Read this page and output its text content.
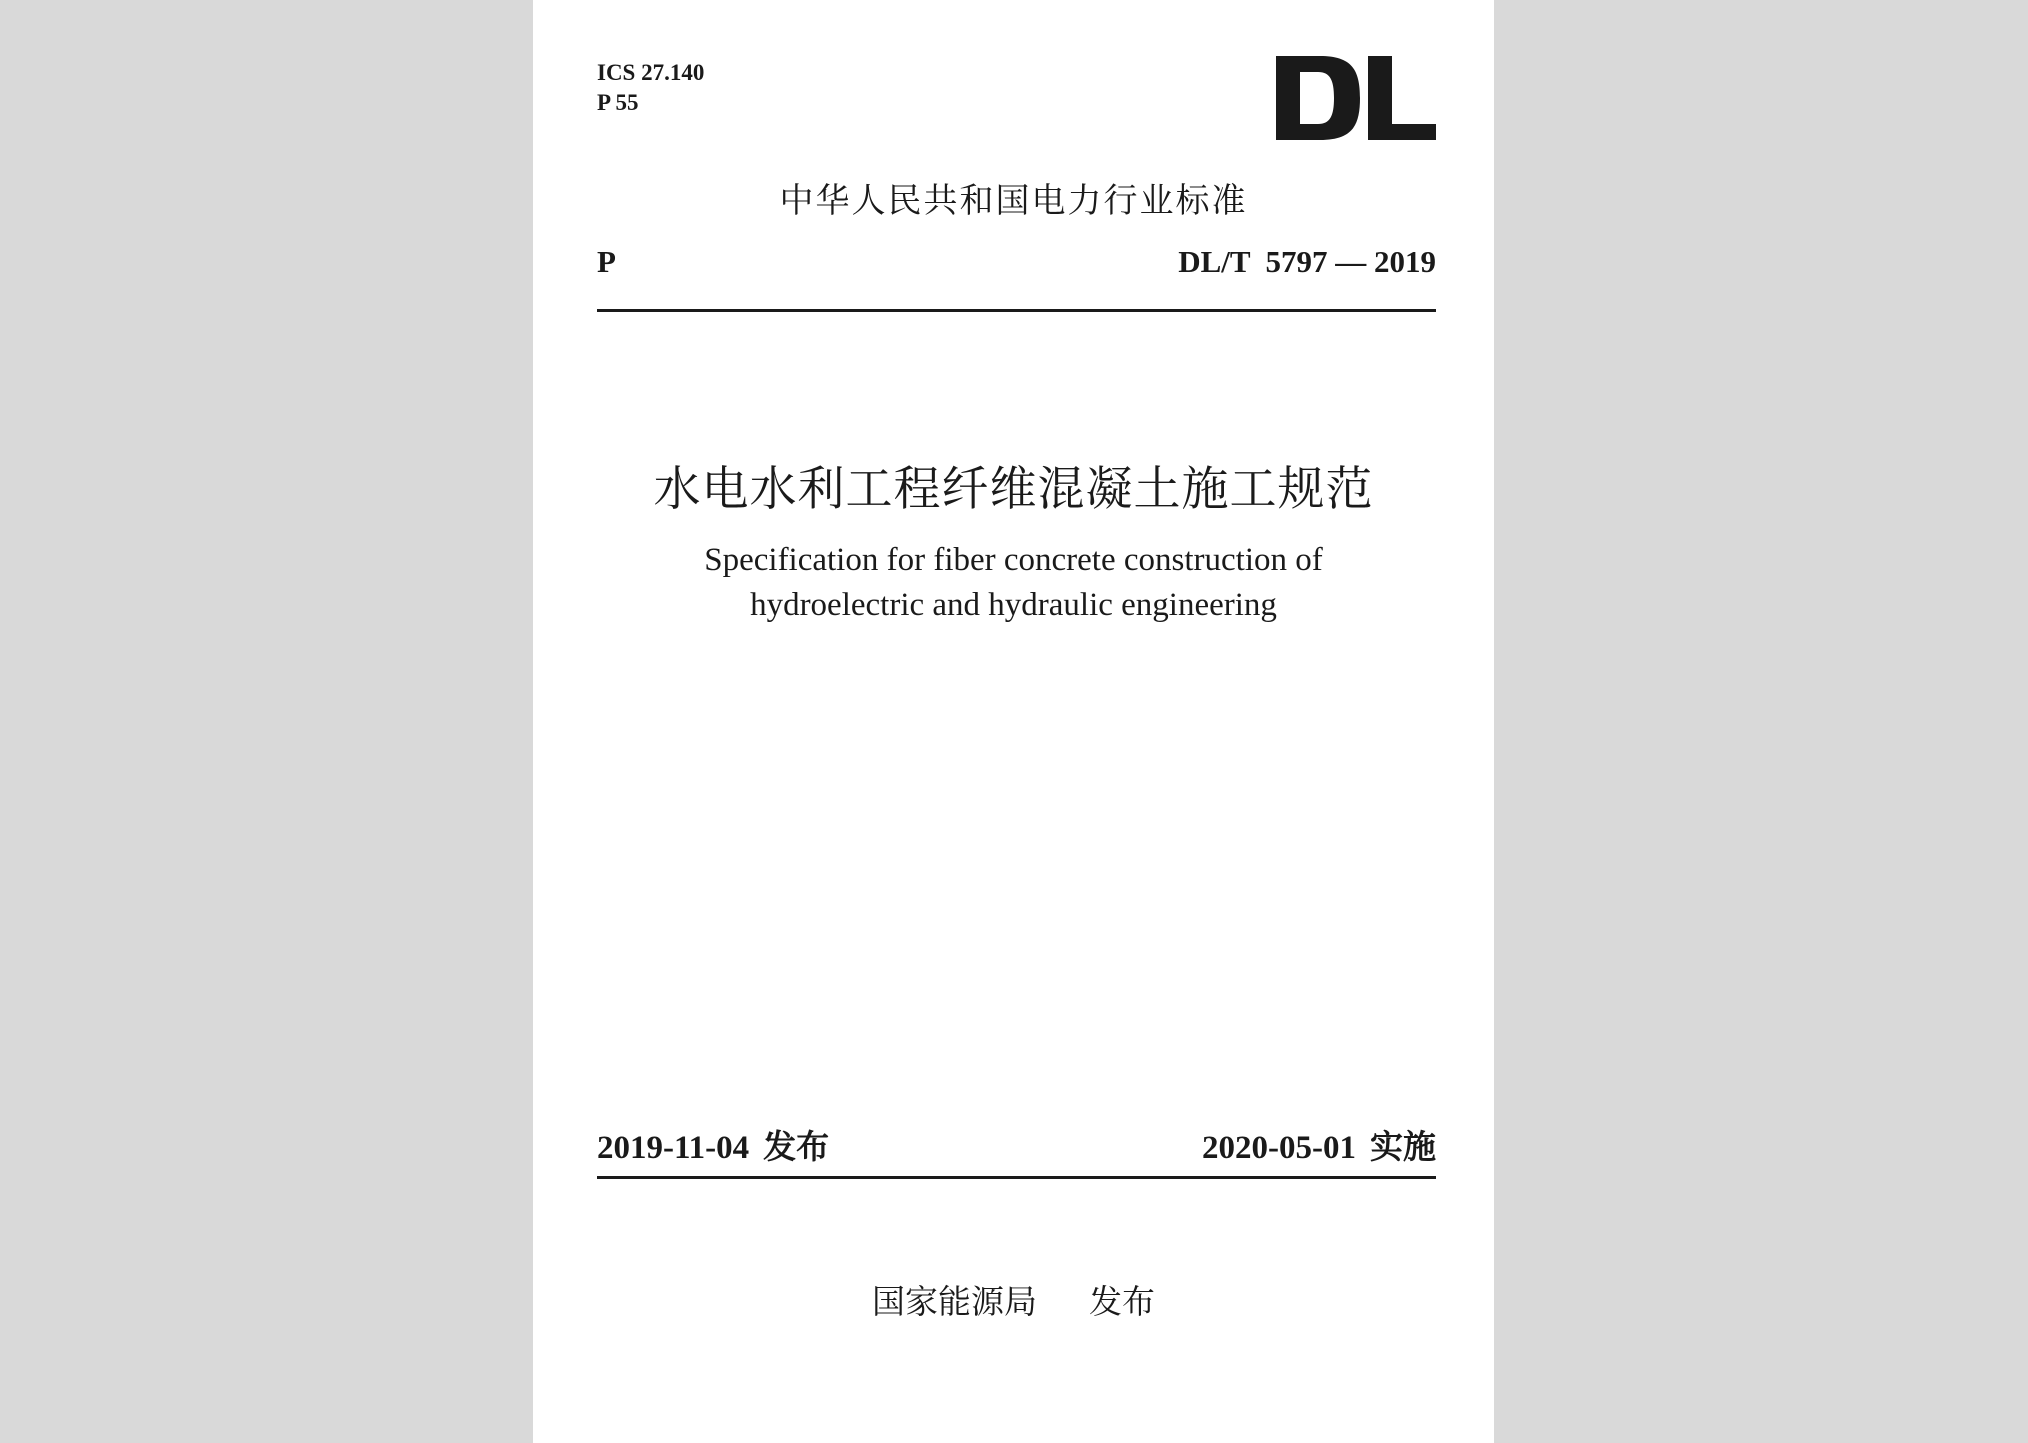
ICS 27.140
P 55
中华人民共和国电力行业标准
P	DL/T  5797 — 2019
水电水利工程纤维混凝土施工规范
Specification for fiber concrete construction of
hydroelectric and hydraulic engineering
2019-11-04 发布	2020-05-01 实施
国家能源局 发布
